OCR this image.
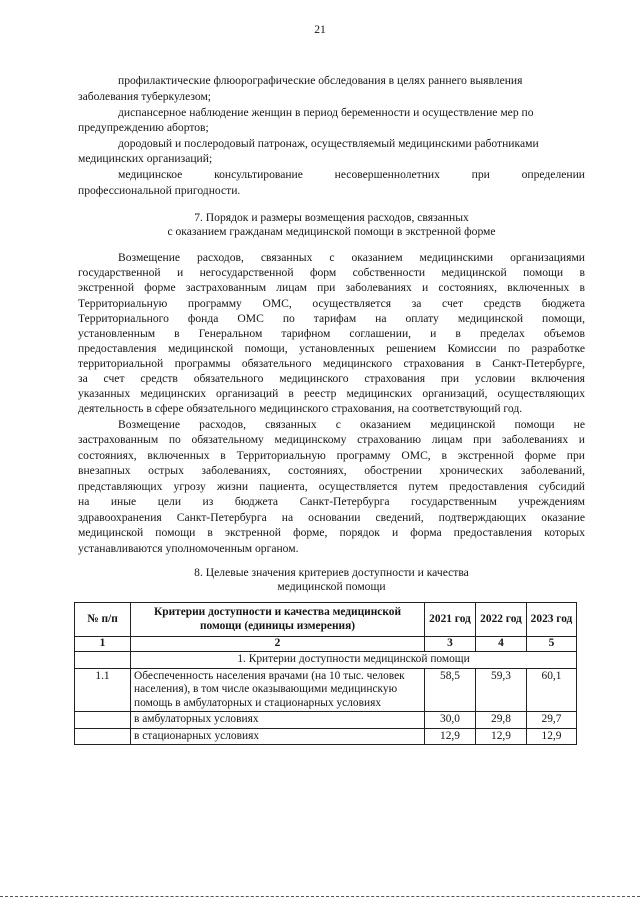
21
профилактические флюорографические обследования в целях раннего выявления
заболевания туберкулезом;
диспансерное наблюдение женщин в период беременности и осуществление мер по
предупреждению абортов;
дородовый и послеродовый патронаж, осуществляемый медицинскими работниками
медицинских организаций;
медицинское консультирование несовершеннолетних при определении
профессиональной пригодности.
7. Порядок и размеры возмещения расходов, связанных
с оказанием гражданам медицинской помощи в экстренной форме
Возмещение расходов, связанных с оказанием медицинскими организациями
государственной и негосударственной форм собственности медицинской помощи в
экстренной форме застрахованным лицам при заболеваниях и состояниях, включенных в
Территориальную программу ОМС, осуществляется за счет средств бюджета
Территориального фонда ОМС по тарифам на оплату медицинской помощи,
установленным в Генеральном тарифном соглашении, и в пределах объемов
предоставления медицинской помощи, установленных решением Комиссии по разработке
территориальной программы обязательного медицинского страхования в Санкт-Петербурге,
за счет средств обязательного медицинского страхования при условии включения
указанных медицинских организаций в реестр медицинских организаций, осуществляющих
деятельность в сфере обязательного медицинского страхования, на соответствующий год.
Возмещение расходов, связанных с оказанием медицинской помощи не
застрахованным по обязательному медицинскому страхованию лицам при заболеваниях и
состояниях, включенных в Территориальную программу ОМС, в экстренной форме при
внезапных острых заболеваниях, состояниях, обострении хронических заболеваний,
представляющих угрозу жизни пациента, осуществляется путем предоставления субсидий
на иные цели из бюджета Санкт-Петербурга государственным учреждениям
здравоохранения Санкт-Петербурга на основании сведений, подтверждающих оказание
медицинской помощи в экстренной форме, порядок и форма предоставления которых
устанавливаются уполномоченным органом.
8. Целевые значения критериев доступности и качества
медицинской помощи
№ п/п	Критерии доступности и качества медицинской помощи (единицы измерения)	2021 год	2022 год	2023 год
1	2	3	4	5
	1. Критерии доступности медицинской помощи			
1.1	Обеспеченность населения врачами (на 10 тыс. человек населения), в том числе оказывающими медицинскую помощь в амбулаторных и стационарных условиях	58,5	59,3	60,1
	в амбулаторных условиях	30,0	29,8	29,7
	в стационарных условиях	12,9	12,9	12,9
